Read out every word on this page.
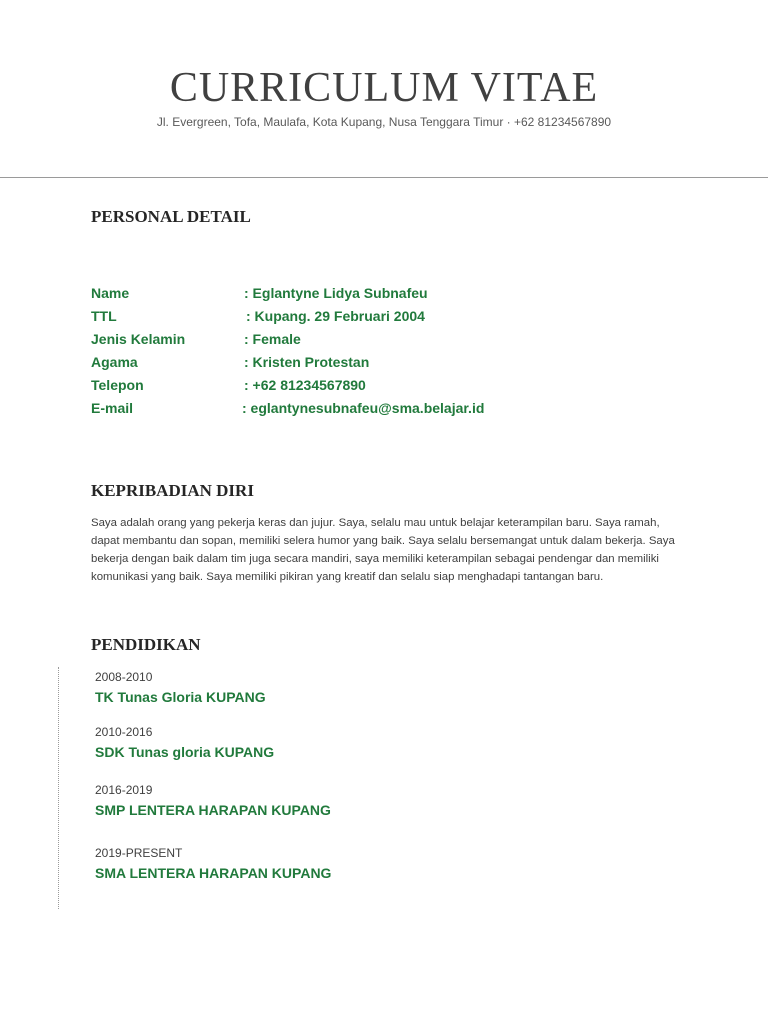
CURRICULUM VITAE
Jl. Evergreen, Tofa, Maulafa, Kota Kupang, Nusa Tenggara Timur · +62 81234567890
PERSONAL DETAIL
Name	: Eglantyne Lidya Subnafeu
TTL	: Kupang. 29 Februari 2004
Jenis Kelamin	: Female
Agama	: Kristen Protestan
Telepon	: +62 81234567890
E-mail	: eglantynesubnafeu@sma.belajar.id
KEPRIBADIAN DIRI

Saya adalah orang yang pekerja keras dan jujur. Saya, selalu mau untuk belajar keterampilan baru. Saya ramah, dapat membantu dan sopan, memiliki selera humor yang baik. Saya selalu bersemangat untuk dalam bekerja. Saya bekerja dengan baik dalam tim juga secara mandiri, saya memiliki keterampilan sebagai pendengar dan memiliki komunikasi yang baik. Saya memiliki pikiran yang kreatif dan selalu siap menghadapi tantangan baru.

PENDIDIKAN
2008-2010
TK Tunas Gloria KUPANG
2010-2016
SDK Tunas gloria KUPANG
2016-2019
SMP LENTERA HARAPAN KUPANG
2019-PRESENT
SMA LENTERA HARAPAN KUPANG
